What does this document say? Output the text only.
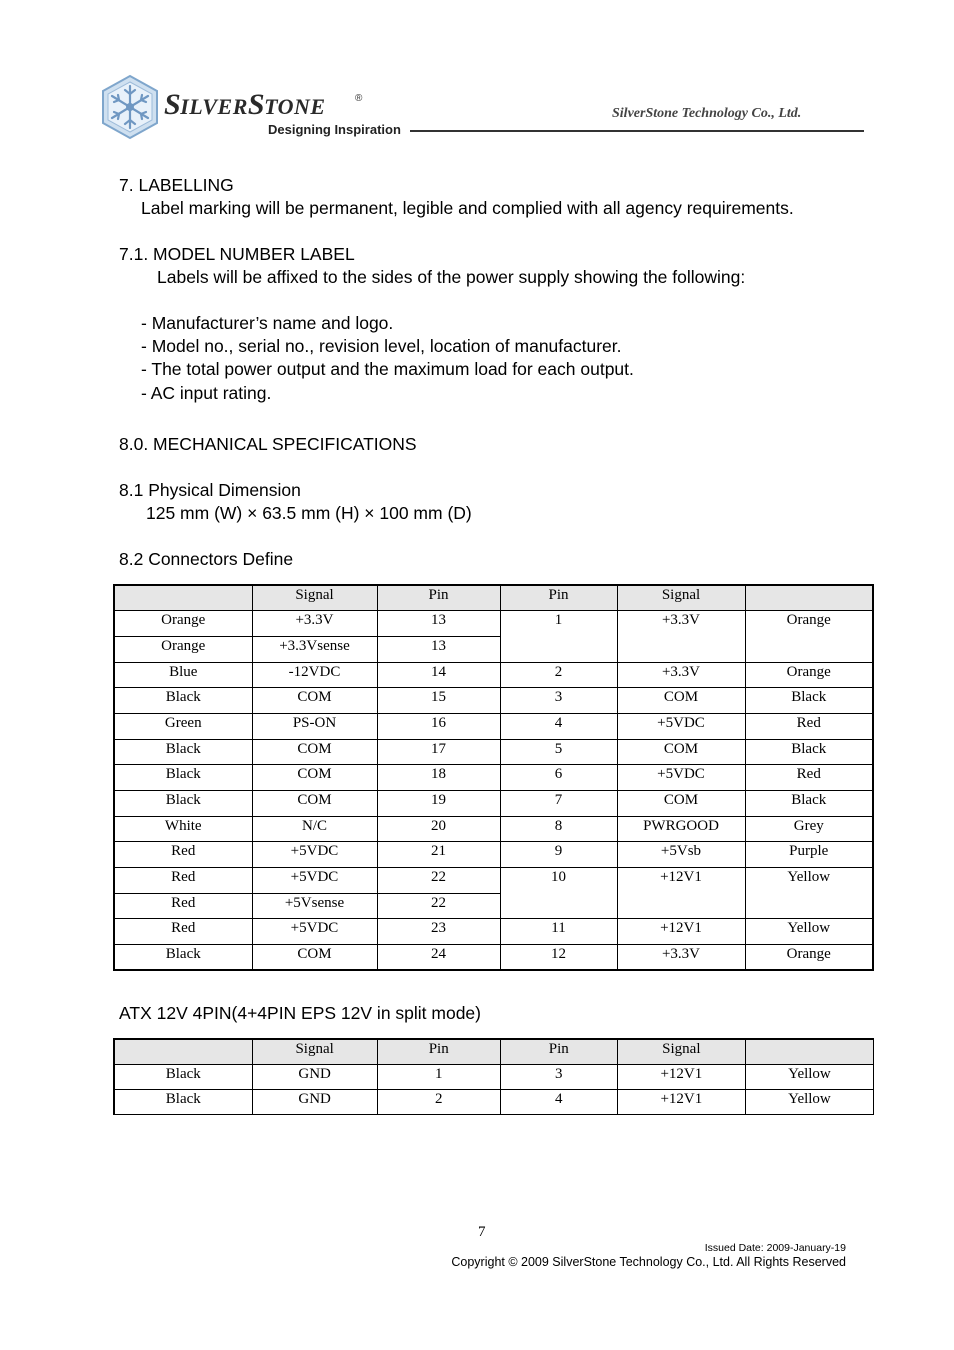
SILVERSTONE	®
Designing Inspiration
SilverStone Technology Co., Ltd.
7. LABELLING
Label marking will be permanent, legible and complied with all agency requirements.
7.1. MODEL NUMBER LABEL
Labels will be affixed to the sides of the power supply showing the following:
- Manufacturer’s name and logo.
- Model no., serial no., revision level, location of manufacturer.
- The total power output and the maximum load for each output.
- AC input rating.
8.0. MECHANICAL SPECIFICATIONS
8.1 Physical Dimension
125 mm (W) × 63.5 mm (H) × 100 mm (D)
8.2 Connectors Define
	Signal	Pin	Pin	Signal	
Orange	+3.3V	13	1	+3.3V	Orange
Orange	+3.3Vsense	13			
Blue	-12VDC	14	2	+3.3V	Orange
Black	COM	15	3	COM	Black
Green	PS-ON	16	4	+5VDC	Red
Black	COM	17	5	COM	Black
Black	COM	18	6	+5VDC	Red
Black	COM	19	7	COM	Black
White	N/C	20	8	PWRGOOD	Grey
Red	+5VDC	21	9	+5Vsb	Purple
Red	+5VDC	22	10	+12V1	Yellow
Red	+5Vsense	22			
Red	+5VDC	23	11	+12V1	Yellow
Black	COM	24	12	+3.3V	Orange
ATX 12V 4PIN(4+4PIN EPS 12V in split mode)
	Signal	Pin	Pin	Signal	
Black	GND	1	3	+12V1	Yellow
Black	GND	2	4	+12V1	Yellow
7
Issued Date: 2009-January-19
Copyright © 2009 SilverStone Technology Co., Ltd. All Rights Reserved
